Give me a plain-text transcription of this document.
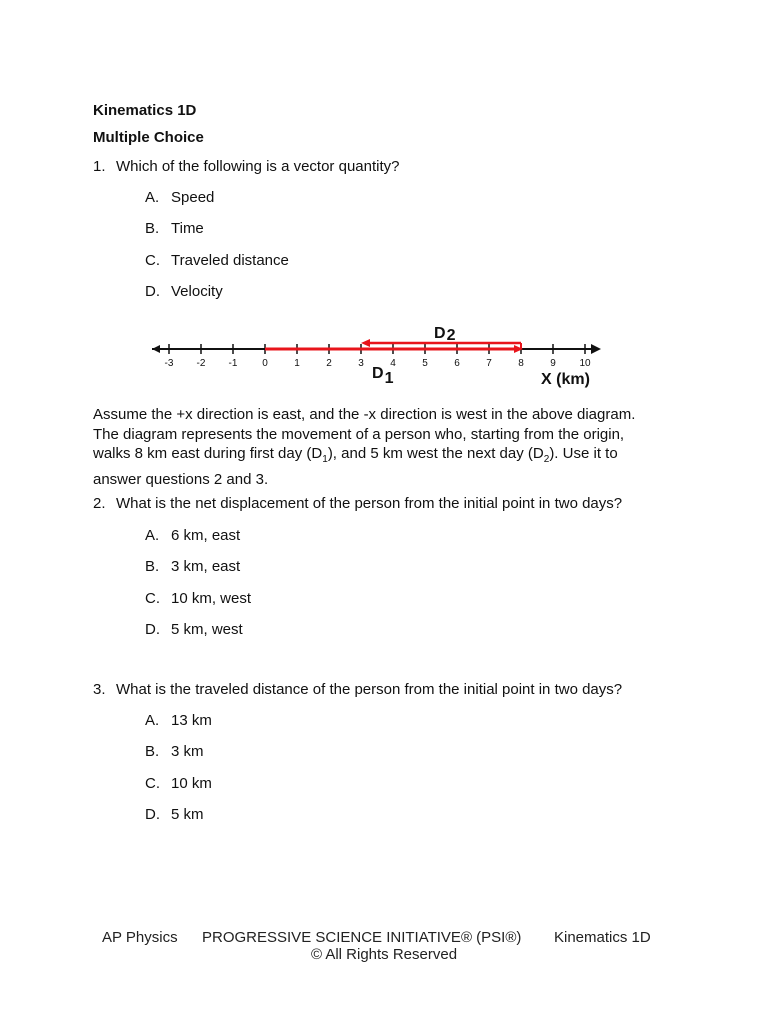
Kinematics 1D
Multiple Choice
1. Which of the following is a vector quantity?
A. Speed
B. Time
C. Traveled distance
D. Velocity
-3 -2 -1 0	1	2	3	4	5	6	7	8	9 10
D2
D1	X (km)
Assume the +x direction is east, and the -x direction is west in the above diagram.
The diagram represents the movement of a person who, starting from the origin,
walks 8 km east during first day $(D_1)$, and 5 km west the next day $(D_2)$. Use it to
answer questions 2 and 3.
2. What is the net displacement of the person from the initial point in two days?
A. 6 km, east
B. 3 km, east
C. 10 km, west
D. 5 km, west
3. What is the traveled distance of the person from the initial point in two days?
A. 13 km
B. 3 km
C. 10 km
D. 5 km
AP Physics PROGRESSIVE SCIENCE INITIATIVE® (PSI®) Kinematics 1D
© All Rights Reserved
